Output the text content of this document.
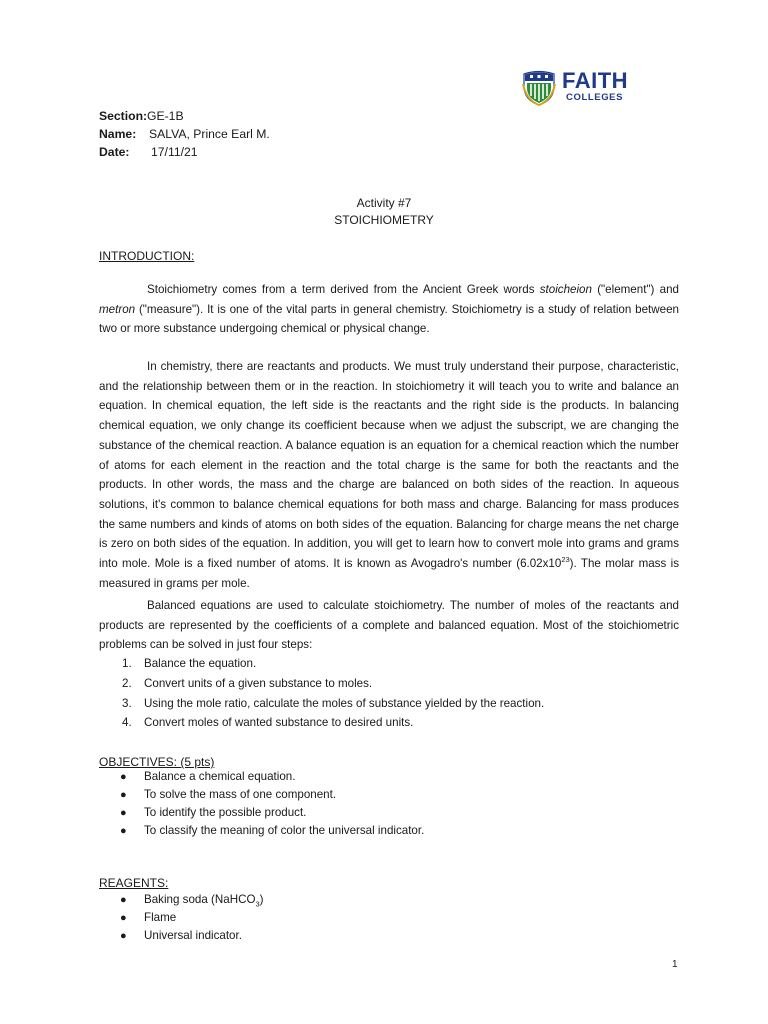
FAITH
COLLEGES
Section: GE-1B
Name: SALVA, Prince Earl M.
Date: 17/11/21
Activity #7
STOICHIOMETRY
INTRODUCTION:

Stoichiometry comes from a term derived from the Ancient Greek words stoicheion ("element") and metron ("measure"). It is one of the vital parts in general chemistry. Stoichiometry is a study of relation between two or more substance undergoing chemical or physical change.

In chemistry, there are reactants and products. We must truly understand their purpose, characteristic, and the relationship between them or in the reaction. In stoichiometry it will teach you to write and balance an equation. In chemical equation, the left side is the reactants and the right side is the products. In balancing chemical equation, we only change its coefficient because when we adjust the subscript, we are changing the substance of the chemical reaction. A balance equation is an equation for a chemical reaction which the number of atoms for each element in the reaction and the total charge is the same for both the reactants and the products. In other words, the mass and the charge are balanced on both sides of the reaction. In aqueous solutions, it's common to balance chemical equations for both mass and charge. Balancing for mass produces the same numbers and kinds of atoms on both sides of the equation. Balancing for charge means the net charge is zero on both sides of the equation. In addition, you will get to learn how to convert mole into grams and grams into mole. Mole is a fixed number of atoms. It is known as Avogadro's number $(6.02x10^{23})$. The molar mass is measured in grams per mole.

Balanced equations are used to calculate stoichiometry. The number of moles of the reactants and products are represented by the coefficients of a complete and balanced equation. Most of the stoichiometric problems can be solved in just four steps:

1. Balance the equation.
2. Convert units of a given substance to moles.
3. Using the mole ratio, calculate the moles of substance yielded by the reaction.
4. Convert moles of wanted substance to desired units.
OBJECTIVES: (5 pts)
● Balance a chemical equation.
● To solve the mass of one component.
● To identify the possible product.
● To classify the meaning of color the universal indicator.
REAGENTS:
● Baking soda (NaHCO$_3$)
● Flame
● Universal indicator.
1
